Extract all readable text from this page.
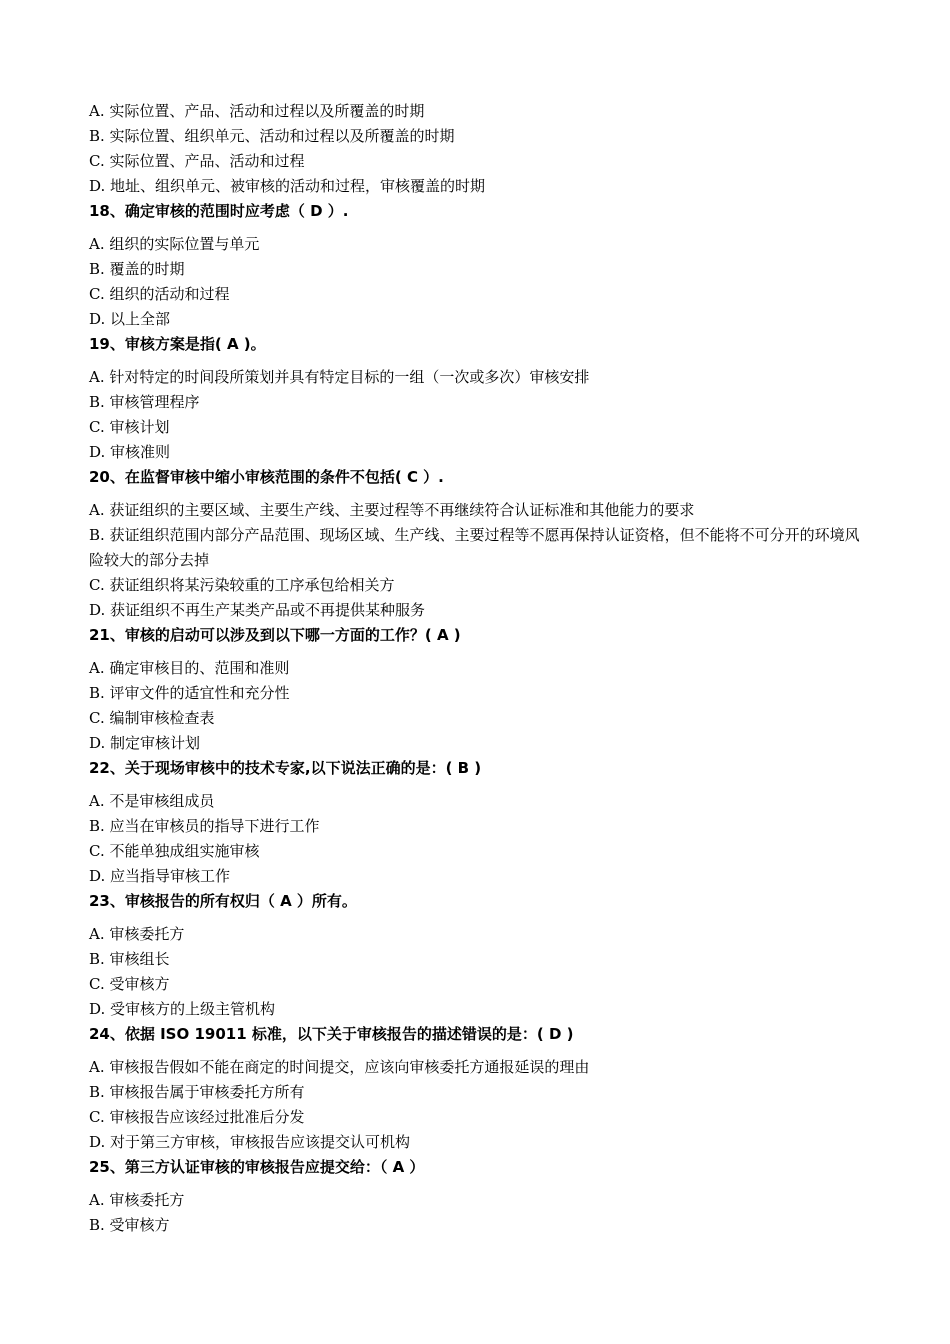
A. 实际位置、产品、活动和过程以及所覆盖的时期
B. 实际位置、组织单元、活动和过程以及所覆盖的时期
C. 实际位置、产品、活动和过程
D. 地址、组织单元、被审核的活动和过程，审核覆盖的时期
18、确定审核的范围时应考虑（ D ）.
A. 组织的实际位置与单元
B. 覆盖的时期
C. 组织的活动和过程
D. 以上全部
19、审核方案是指( A )。
A. 针对特定的时间段所策划并具有特定目标的一组（一次或多次）审核安排
B. 审核管理程序
C. 审核计划
D. 审核准则
20、在监督审核中缩小审核范围的条件不包括( C ）.
A. 获证组织的主要区域、主要生产线、主要过程等不再继续符合认证标准和其他能力的要求
B. 获证组织范围内部分产品范围、现场区域、生产线、主要过程等不愿再保持认证资格，但不能将不可分开的环境风险较大的部分去掉
C. 获证组织将某污染较重的工序承包给相关方
D. 获证组织不再生产某类产品或不再提供某种服务
21、审核的启动可以涉及到以下哪一方面的工作？( A )
A. 确定审核目的、范围和准则
B. 评审文件的适宜性和充分性
C. 编制审核检查表
D. 制定审核计划
22、关于现场审核中的技术专家,以下说法正确的是：( B )
A. 不是审核组成员
B. 应当在审核员的指导下进行工作
C. 不能单独成组实施审核
D. 应当指导审核工作
23、审核报告的所有权归（ A ）所有。
A. 审核委托方
B. 审核组长
C. 受审核方
D. 受审核方的上级主管机构
24、依据 ISO 19011 标准，以下关于审核报告的描述错误的是：( D )
A. 审核报告假如不能在商定的时间提交，应该向审核委托方通报延误的理由
B. 审核报告属于审核委托方所有
C. 审核报告应该经过批准后分发
D. 对于第三方审核，审核报告应该提交认可机构
25、第三方认证审核的审核报告应提交给：（ A ）
A. 审核委托方
B. 受审核方
